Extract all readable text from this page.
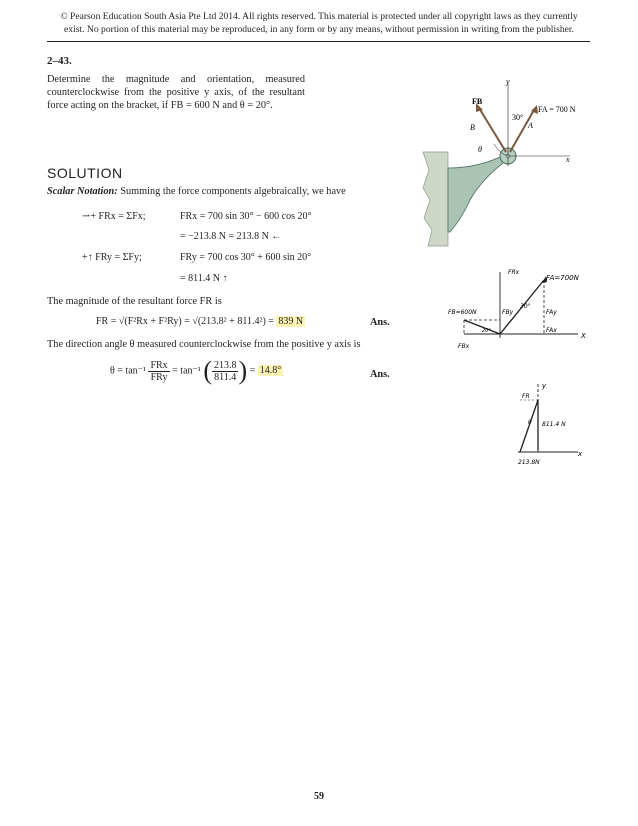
© Pearson Education South Asia Pte Ltd 2014. All rights reserved. This material is protected under all copyright laws as they currently
exist. No portion of this material may be reproduced, in any form or by any means, without permission in writing from the publisher.
2–43.
Determine the magnitude and orientation, measured counterclockwise from the positive y axis, of the resultant force acting on the bracket, if FB = 600 N and θ = 20°.
y
x
FB
B
θ
30°
FA = 700 N
A
SOLUTION
Scalar Notation: Summing the force components algebraically, we have
⇀+ FRx = ΣFx;	FRx = 700 sin 30° − 600 cos 20°
= −213.8 N = 213.8 N ←
+↑ FRy = ΣFy;	FRy = 700 cos 30° + 600 sin 20°
= 811.4 N ↑
The magnitude of the resultant force FR is
FR = √(F²Rx + F²Ry) = √(213.8² + 811.4²) = 839 N	Ans.
The direction angle θ measured counterclockwise from the positive y axis is
$\theta = \tan^{-1} \frac{\text{FRx}}{\text{FRy}} = \tan^{-1}$ ( $\frac{213.8}{811.4}$ ) = 14.8°	Ans.
FRx
FA=700N
FB=600N	FBy
30°
20°
X
FBx
FAy
FAx
y
FR
θ 811.4 N
213.8N
x
59
